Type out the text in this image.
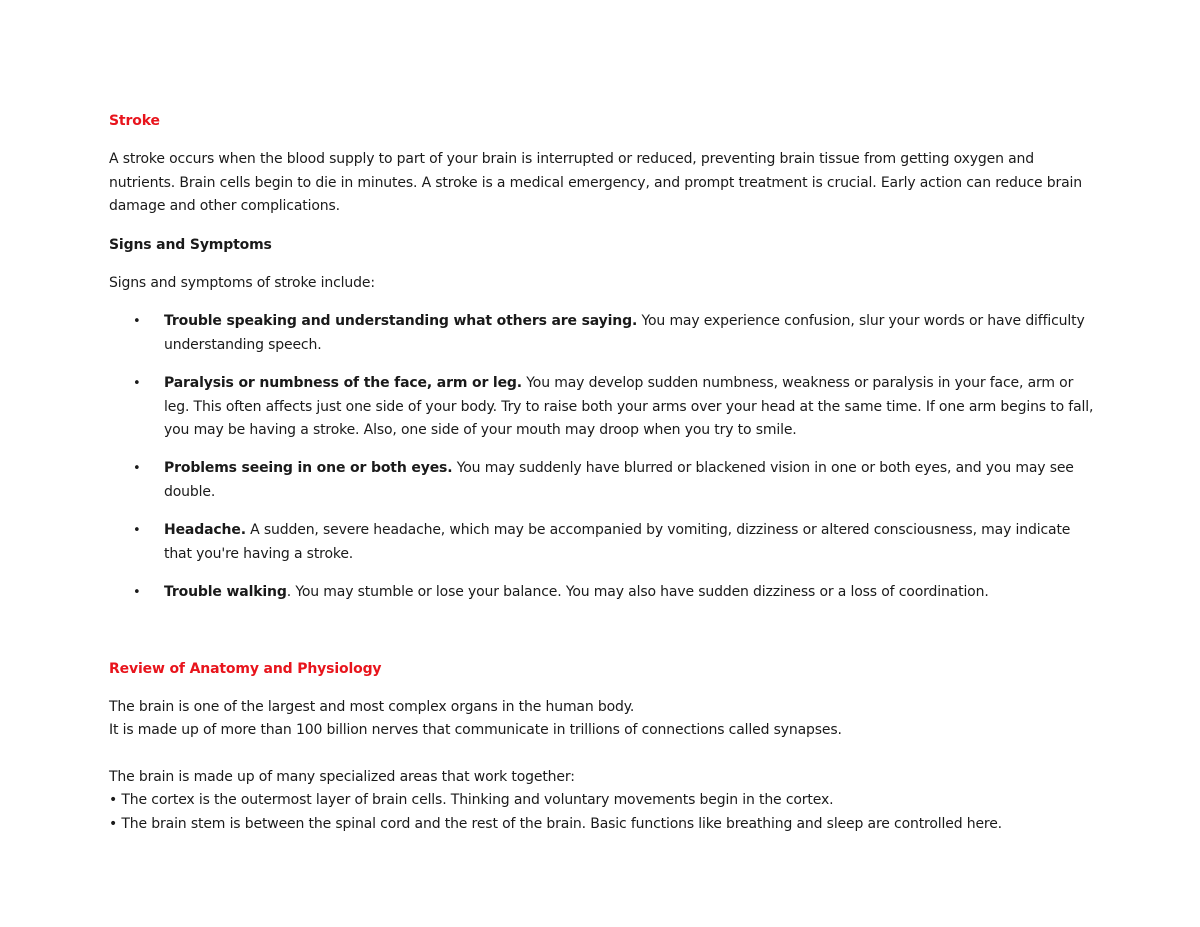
Stroke

A stroke occurs when the blood supply to part of your brain is interrupted or reduced, preventing brain tissue from getting oxygen and nutrients. Brain cells begin to die in minutes. A stroke is a medical emergency, and prompt treatment is crucial. Early action can reduce brain damage and other complications.

Signs and Symptoms

Signs and symptoms of stroke include:

• Trouble speaking and understanding what others are saying. You may experience confusion, slur your words or have difficulty understanding speech.
• Paralysis or numbness of the face, arm or leg. You may develop sudden numbness, weakness or paralysis in your face, arm or leg. This often affects just one side of your body. Try to raise both your arms over your head at the same time. If one arm begins to fall, you may be having a stroke. Also, one side of your mouth may droop when you try to smile.
• Problems seeing in one or both eyes. You may suddenly have blurred or blackened vision in one or both eyes, and you may see double.
• Headache. A sudden, severe headache, which may be accompanied by vomiting, dizziness or altered consciousness, may indicate that you're having a stroke.
• Trouble walking. You may stumble or lose your balance. You may also have sudden dizziness or a loss of coordination.
Review of Anatomy and Physiology

The brain is one of the largest and most complex organs in the human body.

It is made up of more than 100 billion nerves that communicate in trillions of connections called synapses.

The brain is made up of many specialized areas that work together:

• The cortex is the outermost layer of brain cells. Thinking and voluntary movements begin in the cortex.

• The brain stem is between the spinal cord and the rest of the brain. Basic functions like breathing and sleep are controlled here.
